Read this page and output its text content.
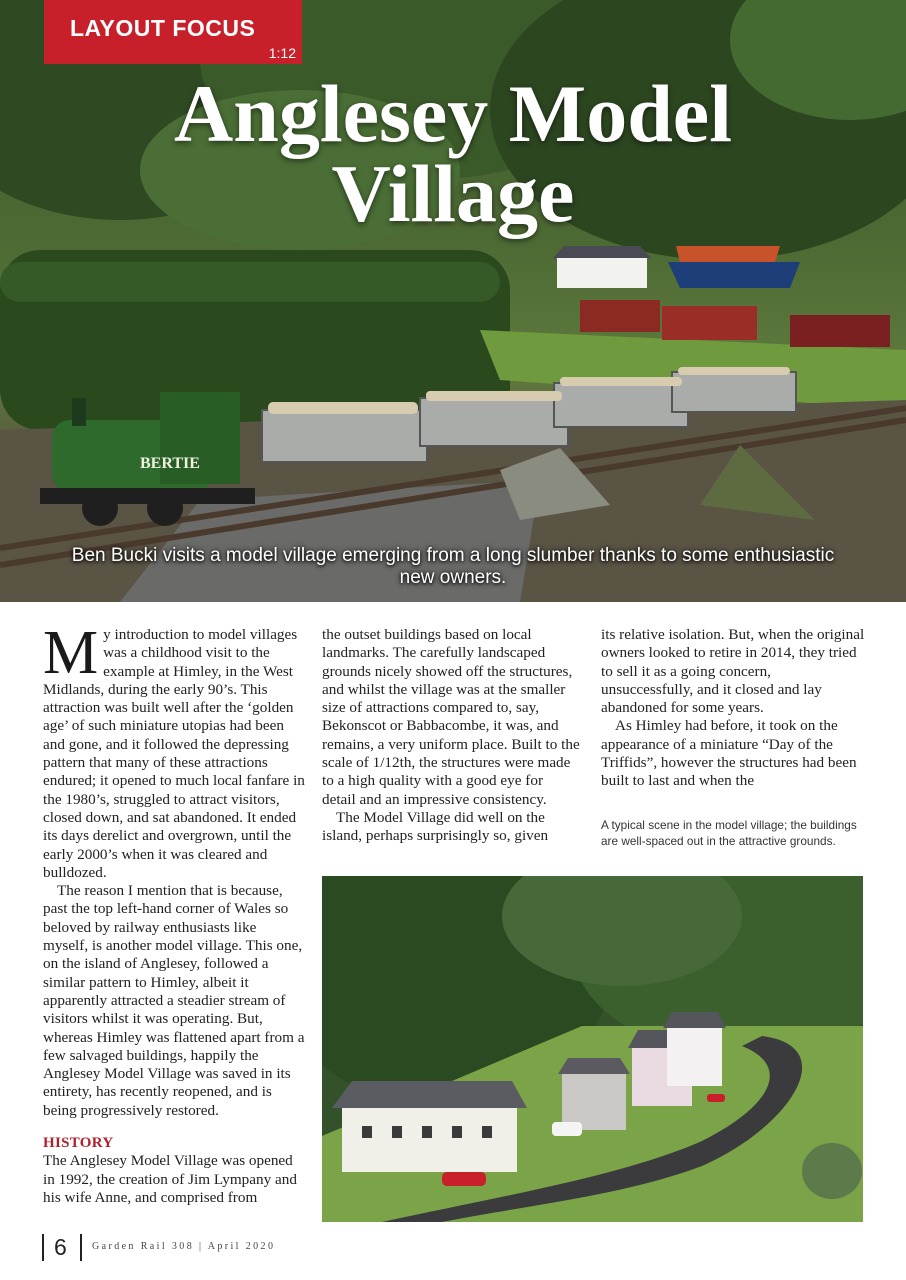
BERTIE
LAYOUT FOCUS
1:12
Anglesey Model
Village

Ben Bucki visits a model village emerging from a long slumber thanks to some enthusiastic new owners.

My introduction to model villages was a childhood visit to the example at Himley, in the West Midlands, during the early 90’s. This attraction was built well after the ‘golden age’ of such miniature utopias had been and gone, and it followed the depressing pattern that many of these attractions endured; it opened to much local fanfare in the 1980’s, struggled to attract visitors, closed down, and sat abandoned. It ended its days derelict and overgrown, until the early 2000’s when it was cleared and bulldozed.

The reason I mention that is because, past the top left-hand corner of Wales so beloved by railway enthusiasts like myself, is another model village. This one, on the island of Anglesey, followed a similar pattern to Himley, albeit it apparently attracted a steadier stream of visitors whilst it was operating. But, whereas Himley was flattened apart from a few salvaged buildings, happily the Anglesey Model Village was saved in its entirety, has recently reopened, and is being progressively restored.

HISTORY

The Anglesey Model Village was opened in 1992, the creation of Jim Lympany and his wife Anne, and comprised from

the outset buildings based on local landmarks. The carefully landscaped grounds nicely showed off the structures, and whilst the village was at the smaller size of attractions compared to, say, Bekonscot or Babbacombe, it was, and remains, a very uniform place. Built to the scale of 1/12th, the structures were made to a high quality with a good eye for detail and an impressive consistency.

The Model Village did well on the island, perhaps surprisingly so, given

its relative isolation. But, when the original owners looked to retire in 2014, they tried to sell it as a going concern, unsuccessfully, and it closed and lay abandoned for some years.

As Himley had before, it took on the appearance of a miniature “Day of the Triffids”, however the structures had been built to last and when the

A typical scene in the model village; the buildings are well-spaced out in the attractive grounds.

6	Garden Rail 308 | April 2020
